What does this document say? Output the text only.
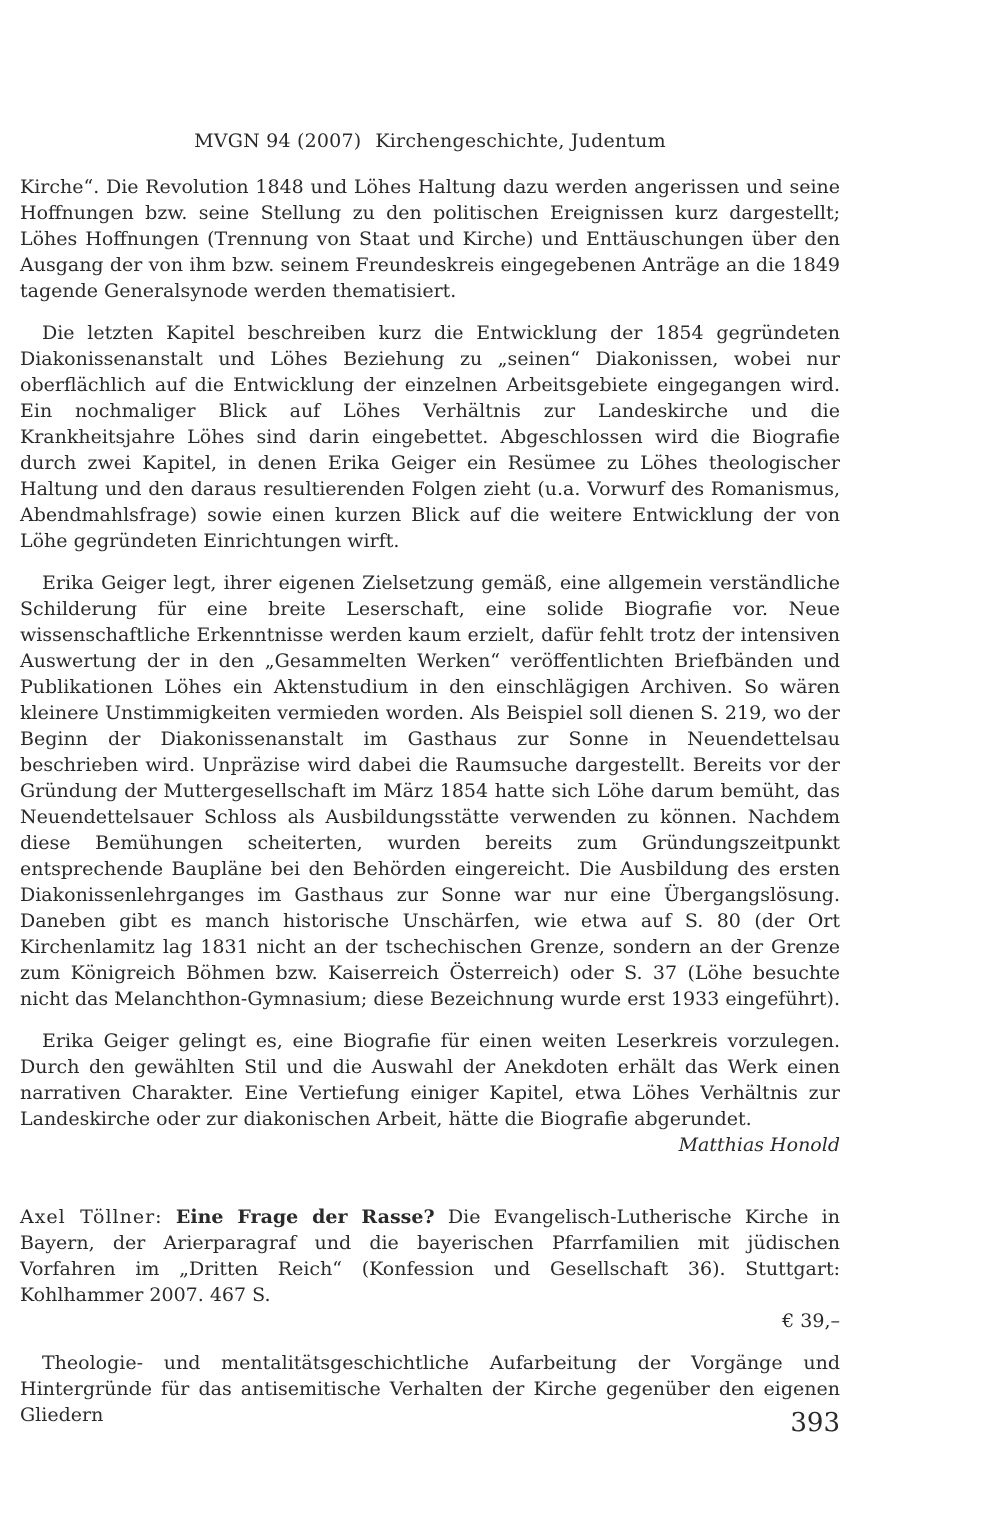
MVGN 94 (2007) Kirchengeschichte, Judentum

Kirche“. Die Revolution 1848 und Löhes Haltung dazu werden angerissen und seine Hoffnungen bzw. seine Stellung zu den politischen Ereignissen kurz dargestellt; Löhes Hoffnungen (Trennung von Staat und Kirche) und Enttäuschungen über den Ausgang der von ihm bzw. seinem Freundeskreis eingegebenen Anträge an die 1849 tagende Generalsynode werden thematisiert.

Die letzten Kapitel beschreiben kurz die Entwicklung der 1854 gegründeten Diakonissenanstalt und Löhes Beziehung zu „seinen“ Diakonissen, wobei nur oberflächlich auf die Entwicklung der einzelnen Arbeitsgebiete eingegangen wird. Ein nochmaliger Blick auf Löhes Verhältnis zur Landeskirche und die Krankheitsjahre Löhes sind darin eingebettet. Abgeschlossen wird die Biografie durch zwei Kapitel, in denen Erika Geiger ein Resümee zu Löhes theologischer Haltung und den daraus resultierenden Folgen zieht (u.a. Vorwurf des Romanismus, Abendmahlsfrage) sowie einen kurzen Blick auf die weitere Entwicklung der von Löhe gegründeten Einrichtungen wirft.

Erika Geiger legt, ihrer eigenen Zielsetzung gemäß, eine allgemein verständliche Schilderung für eine breite Leserschaft, eine solide Biografie vor. Neue wissenschaftliche Erkenntnisse werden kaum erzielt, dafür fehlt trotz der intensiven Auswertung der in den „Gesammelten Werken“ veröffentlichten Briefbänden und Publikationen Löhes ein Aktenstudium in den einschlägigen Archiven. So wären kleinere Unstimmigkeiten vermieden worden. Als Beispiel soll dienen S. 219, wo der Beginn der Diakonissenanstalt im Gasthaus zur Sonne in Neuendettelsau beschrieben wird. Unpräzise wird dabei die Raumsuche dargestellt. Bereits vor der Gründung der Muttergesellschaft im März 1854 hatte sich Löhe darum bemüht, das Neuendettelsauer Schloss als Ausbildungsstätte verwenden zu können. Nachdem diese Bemühungen scheiterten, wurden bereits zum Gründungszeitpunkt entsprechende Baupläne bei den Behörden eingereicht. Die Ausbildung des ersten Diakonissenlehrganges im Gasthaus zur Sonne war nur eine Übergangslösung. Daneben gibt es manch historische Unschärfen, wie etwa auf S. 80 (der Ort Kirchenlamitz lag 1831 nicht an der tschechischen Grenze, sondern an der Grenze zum Königreich Böhmen bzw. Kaiserreich Österreich) oder S. 37 (Löhe besuchte nicht das Melanchthon-Gymnasium; diese Bezeichnung wurde erst 1933 eingeführt).

Erika Geiger gelingt es, eine Biografie für einen weiten Leserkreis vorzulegen. Durch den gewählten Stil und die Auswahl der Anekdoten erhält das Werk einen narrativen Charakter. Eine Vertiefung einiger Kapitel, etwa Löhes Verhältnis zur Landeskirche oder zur diakonischen Arbeit, hätte die Biografie abgerundet.
Matthias Honold

Axel Töllner: Eine Frage der Rasse? Die Evangelisch-Lutherische Kirche in Bayern, der Arierparagraf und die bayerischen Pfarrfamilien mit jüdischen Vorfahren im „Dritten Reich“ (Konfession und Gesellschaft 36). Stuttgart: Kohlhammer 2007. 467 S.

€ 39,–

Theologie- und mentalitätsgeschichtliche Aufarbeitung der Vorgänge und Hintergründe für das antisemitische Verhalten der Kirche gegenüber den eigenen Gliedern	393
